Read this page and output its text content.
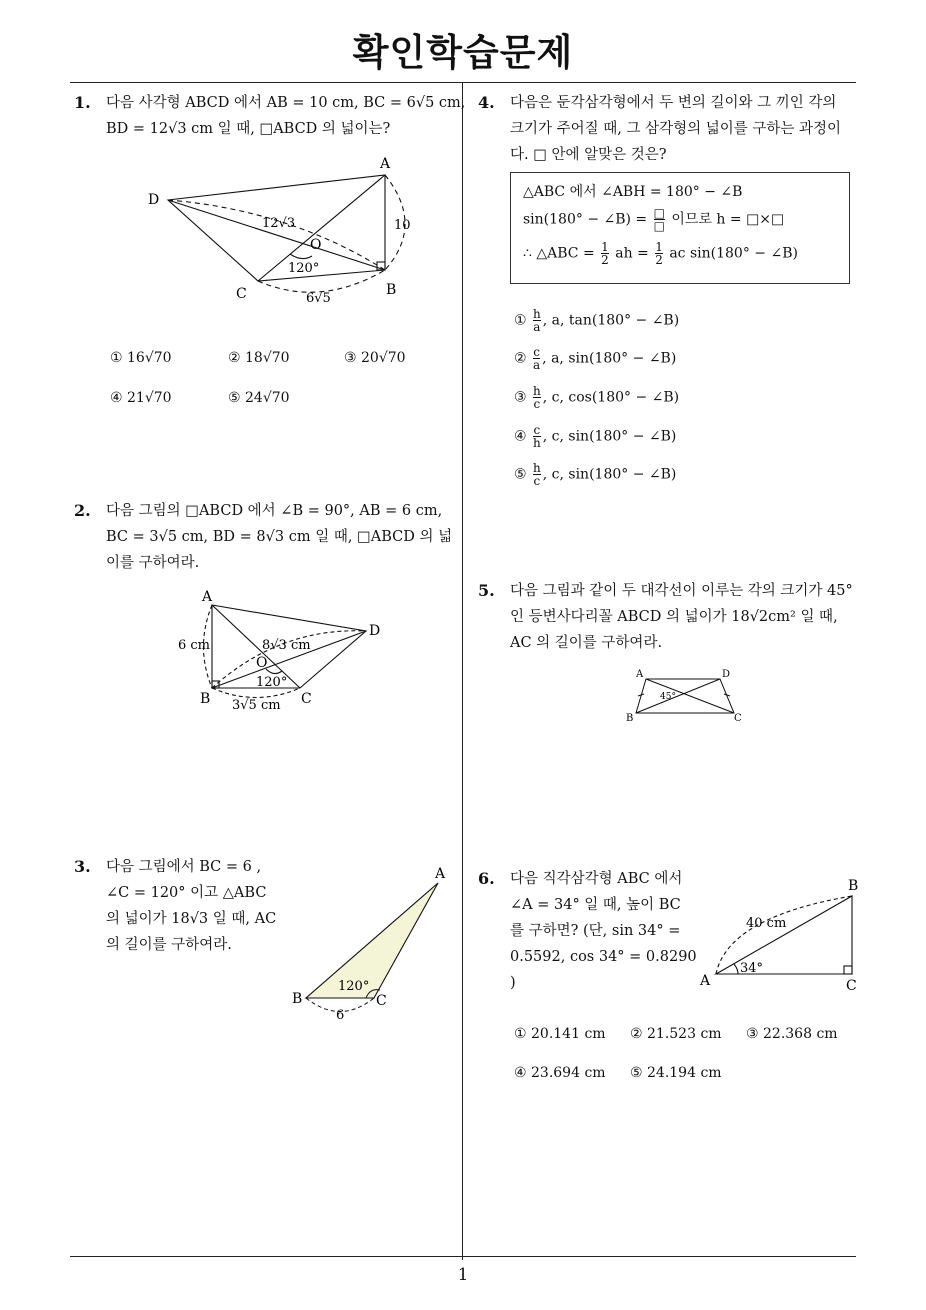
확인학습문제
1
1. 다음 사각형 ABCD 에서 AB = 10 cm, BC = 6√5 cm,
BD = 12√3 cm 일 때, □ABCD 의 넓이는?
D
A
B
C
O
12√3	10
6√5
120°
① 16√70	② 18√70	③ 20√70
④ 21√70	⑤ 24√70
2. 다음 그림의 □ABCD 에서 ∠B = 90°, AB = 6 cm,
BC = 3√5 cm, BD = 8√3 cm 일 때, □ABCD 의 넓
이를 구하여라.
A
B	C
D
O
6 cm	8√3 cm
3√5 cm
120°
3. 다음 그림에서 BC = 6 ,
∠C = 120° 이고 △ABC
의 넓이가 18√3 일 때, AC
의 길이를 구하여라.
A
B	C
120°
6
4. 다음은 둔각삼각형에서 두 변의 길이와 그 끼인 각의
크기가 주어질 때, 그 삼각형의 넓이를 구하는 과정이
다. □ 안에 알맞은 것은?
△ABC 에서 ∠ABH = 180° − ∠B
sin(180° − ∠B) = $\frac{□}{□}$ 이므로 h = □×□
∴ △ABC = $\frac{1}{2}$ ah = $\frac{1}{2}$ ac sin(180° − ∠B)
① $\frac{h}{a}$ , a, tan(180° − ∠B)
② $\frac{c}{a}$ , a, sin(180° − ∠B)
③ $\frac{h}{c}$ , c, cos(180° − ∠B)
④ $\frac{c}{h}$ , c, sin(180° − ∠B)
⑤ $\frac{h}{c}$ , c, sin(180° − ∠B)
5. 다음 그림과 같이 두 대각선이 이루는 각의 크기가 45°
인 등변사다리꼴 ABCD 의 넓이가 18√2cm² 일 때,
AC 의 길이를 구하여라.
A	D
B	C
45°
6. 다음 직각삼각형 ABC 에서
∠A = 34° 일 때, 높이 BC
를 구하면? (단, sin 34° =
0.5592, cos 34° = 0.8290
)	A
B
C
40 cm
34°
① 20.141 cm ② 21.523 cm ③ 22.368 cm
④ 23.694 cm ⑤ 24.194 cm
